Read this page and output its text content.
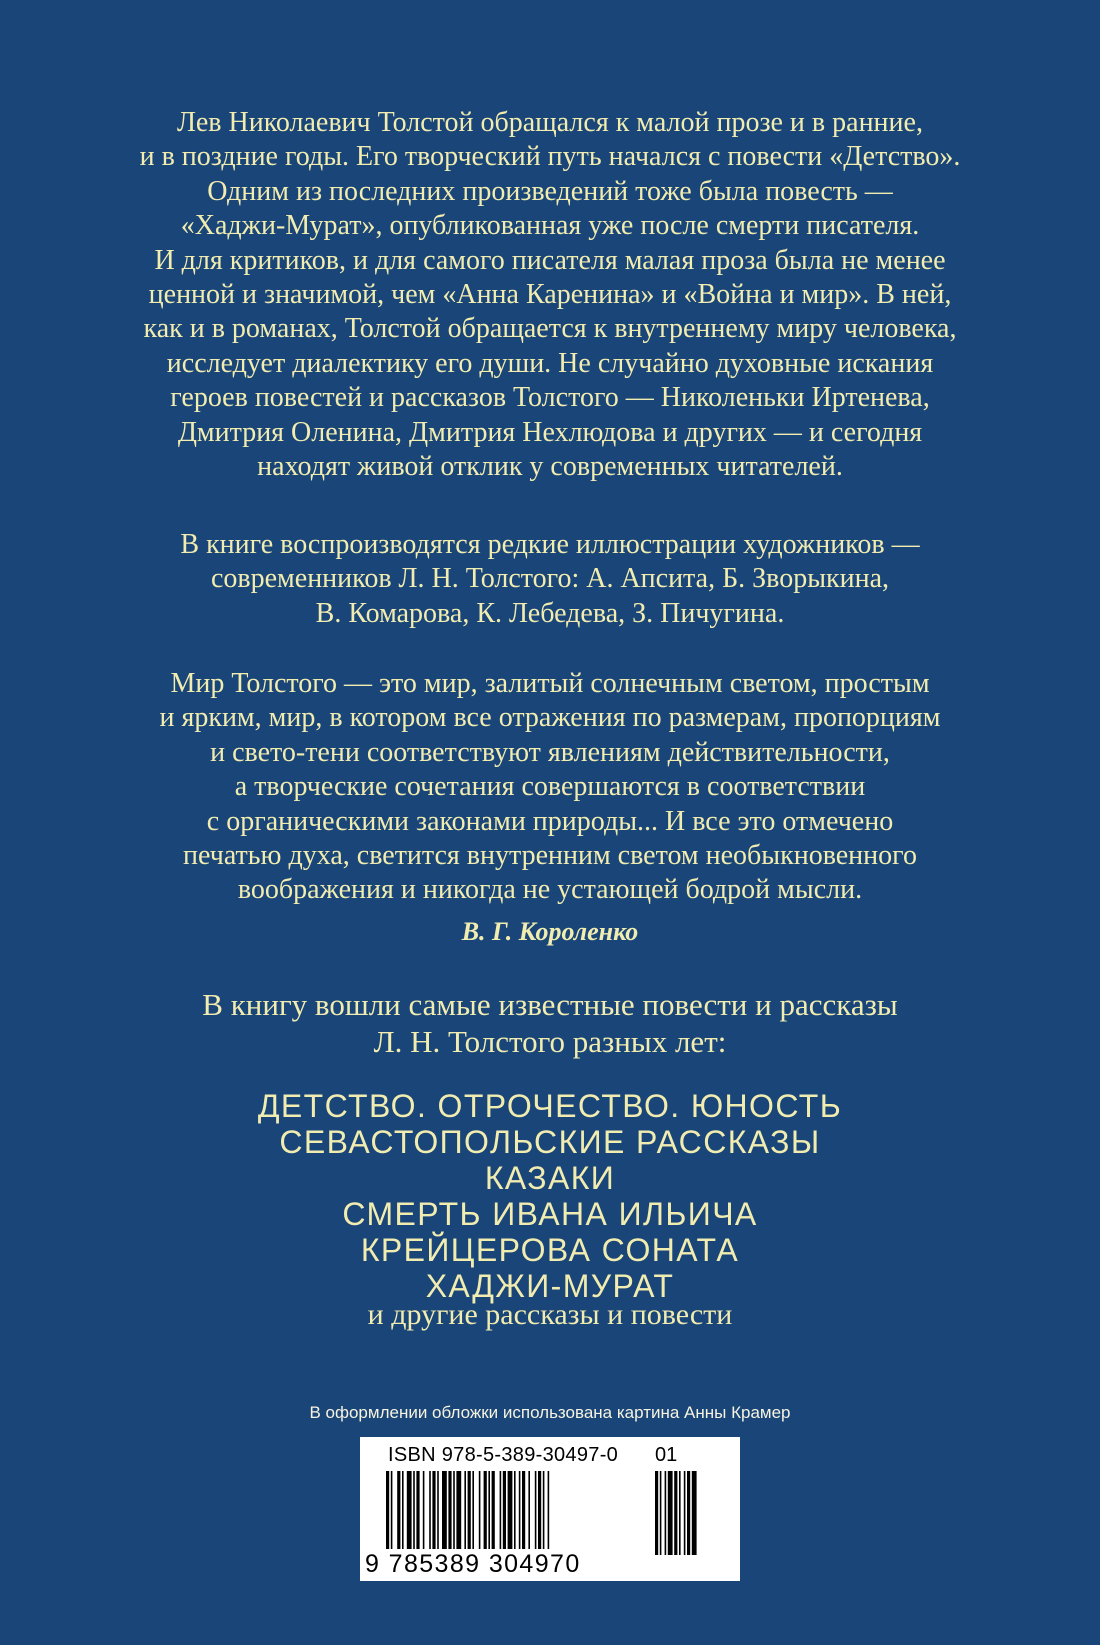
Лев Николаевич Толстой обращался к малой прозе и в ранние,
и в поздние годы. Его творческий путь начался с повести «Детство».
Одним из последних произведений тоже была повесть —
«Хаджи-Мурат», опубликованная уже после смерти писателя.
И для критиков, и для самого писателя малая проза была не менее
ценной и значимой, чем «Анна Каренина» и «Война и мир». В ней,
как и в романах, Толстой обращается к внутреннему миру человека,
исследует диалектику его души. Не случайно духовные искания
героев повестей и рассказов Толстого — Николеньки Иртенева,
Дмитрия Оленина, Дмитрия Нехлюдова и других — и сегодня
находят живой отклик у современных читателей.
В книге воспроизводятся редкие иллюстрации художников —
современников Л. Н. Толстого: А. Апсита, Б. Зворыкина,
В. Комарова, К. Лебедева, З. Пичугина.
Мир Толстого — это мир, залитый солнечным светом, простым
и ярким, мир, в котором все отражения по размерам, пропорциям
и свето-тени соответствуют явлениям действительности,
а творческие сочетания совершаются в соответствии
с органическими законами природы... И все это отмечено
печатью духа, светится внутренним светом необыкновенного
воображения и никогда не устающей бодрой мысли.

В. Г. Короленко

В книгу вошли самые известные повести и рассказы
Л. Н. Толстого разных лет:
ДЕТСТВО. ОТРОЧЕСТВО. ЮНОСТЬ
СЕВАСТОПОЛЬСКИЕ РАССКАЗЫ
КАЗАКИ
СМЕРТЬ ИВАНА ИЛЬИЧА
КРЕЙЦЕРОВА СОНАТА
ХАДЖИ-МУРАТ

и другие рассказы и повести

В оформлении обложки использована картина Анны Крамер

ISBN 978-5-389-30497-0 01
9 785389 304970
